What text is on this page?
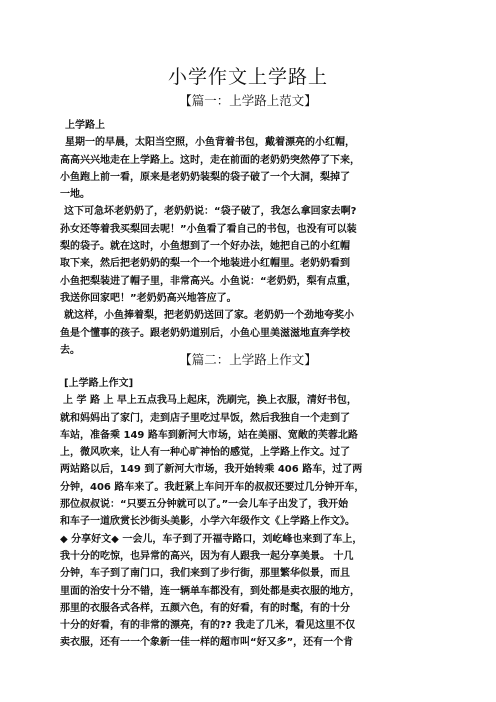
小学作文上学路上
【篇一：上学路上范文】
上学路上
星期一的早晨，太阳当空照，小鱼背着书包，戴着漂亮的小红帽，
高高兴兴地走在上学路上。这时，走在前面的老奶奶突然停了下来，
小鱼跑上前一看，原来是老奶奶装梨的袋子破了一个大洞，梨掉了
一地。
这下可急坏老奶奶了，老奶奶说：“袋子破了，我怎么拿回家去啊?
孙女还等着我买梨回去呢！”小鱼看了看自己的书包，也没有可以装
梨的袋子。就在这时，小鱼想到了一个好办法，她把自己的小红帽
取下来，然后把老奶奶的梨一个一个地装进小红帽里。老奶奶看到
小鱼把梨装进了帽子里，非常高兴。小鱼说：“老奶奶，梨有点重，
我送你回家吧！”老奶奶高兴地答应了。
就这样，小鱼捧着梨，把老奶奶送回了家。老奶奶一个劲地夸奖小
鱼是个懂事的孩子。跟老奶奶道别后，小鱼心里美滋滋地直奔学校
去。
【篇二：上学路上作文】
[上学路上作文]
上 学 路 上 早上五点我马上起床，洗刷完，换上衣服，清好书包，
就和妈妈出了家门，走到店子里吃过早饭，然后我独自一个走到了
车站，准备乘 149 路车到新河大市场，站在美丽、宽敞的芙蓉北路
上，微风吹来，让人有一种心旷神怡的感觉，上学路上作文。过了
两站路以后，149 到了新河大市场，我开始转乘 406 路车，过了两
分钟，406 路车来了。我赶紧上车问开车的叔叔还要过几分钟开车，
那位叔叔说：“只要五分钟就可以了。”一会儿车子出发了，我开始
和车子一道欣赏长沙街头美影，小学六年级作文《上学路上作文》。
◆ 分享好文◆ 一会儿，车子到了开福寺路口，刘屹峰也来到了车上，
我十分的吃惊，也异常的高兴，因为有人跟我一起分享美景。 十几
分钟，车子到了南门口，我们来到了步行街，那里繁华似景，而且
里面的治安十分不错，连一辆单车都没有，到处都是卖衣服的地方，
那里的衣服各式各样，五颜六色，有的好看，有的时髦，有的十分
十分的好看，有的非常的漂亮，有的?? 我走了几米，看见这里不仅
卖衣服，还有一一个象新一佳一样的超市叫“好又多”，还有一个肯
